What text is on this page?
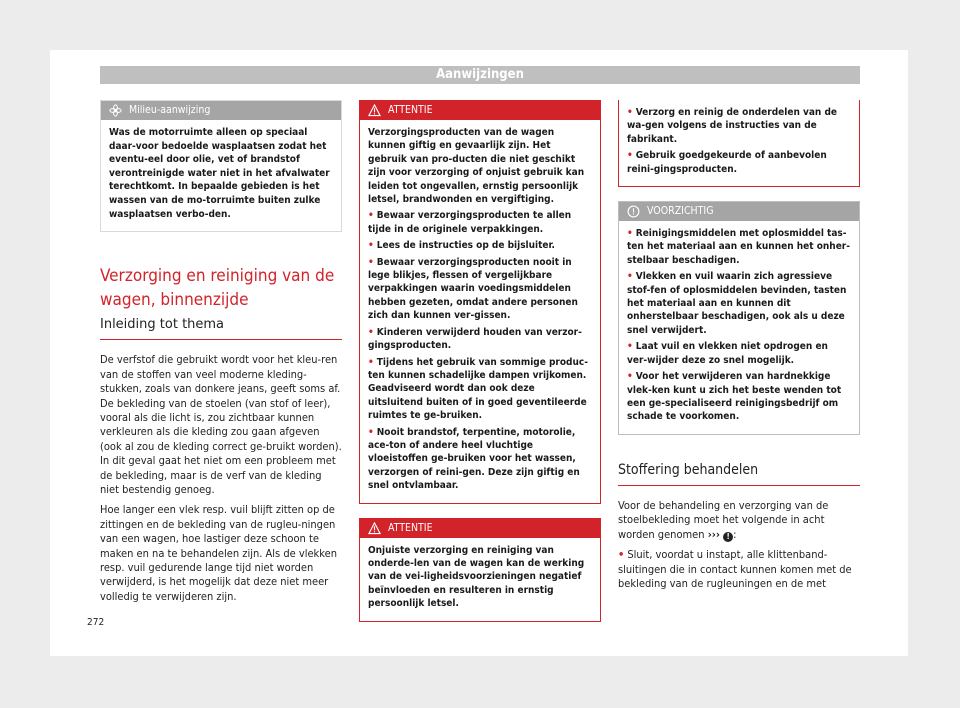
Aanwijzingen
Milieu-aanwijzing

Was de motorruimte alleen op speciaal daar-voor bedoelde wasplaatsen zodat het eventu-eel door olie, vet of brandstof verontreinigde water niet in het afvalwater terechtkomt. In bepaalde gebieden is het wassen van de mo-torruimte buiten zulke wasplaatsen verbo-den.

Verzorging en reiniging van de wagen, binnenzijde
Inleiding tot thema

De verfstof die gebruikt wordt voor het kleu-ren van de stoffen van veel moderne kleding-stukken, zoals van donkere jeans, geeft soms af. De bekleding van de stoelen (van stof of leer), vooral als die licht is, zou zichtbaar kunnen verkleuren als die kleding zou gaan afgeven (ook al zou de kleding correct ge-bruikt worden). In dit geval gaat het niet om een probleem met de bekleding, maar is de verf van de kleding niet bestendig genoeg.

Hoe langer een vlek resp. vuil blijft zitten op de zittingen en de bekleding van de rugleu-ningen van een wagen, hoe lastiger deze schoon te maken en na te behandelen zijn. Als de vlekken resp. vuil gedurende lange tijd niet worden verwijderd, is het mogelijk dat deze niet meer volledig te verwijderen zijn.

ATTENTIE

Verzorgingsproducten van de wagen kunnen giftig en gevaarlijk zijn. Het gebruik van pro-ducten die niet geschikt zijn voor verzorging of onjuist gebruik kan leiden tot ongevallen, ernstig persoonlijk letsel, brandwonden en vergiftiging.

• Bewaar verzorgingsproducten te allen tijde in de originele verpakkingen.
• Lees de instructies op de bijsluiter.
• Bewaar verzorgingsproducten nooit in lege blikjes, flessen of vergelijkbare verpakkingen waarin voedingsmiddelen hebben gezeten, omdat andere personen zich dan kunnen ver-gissen.
• Kinderen verwijderd houden van verzor-gingsproducten.
• Tijdens het gebruik van sommige produc-ten kunnen schadelijke dampen vrijkomen. Geadviseerd wordt dan ook deze uitsluitend buiten of in goed geventileerde ruimtes te ge-bruiken.
• Nooit brandstof, terpentine, motorolie, ace-ton of andere heel vluchtige vloeistoffen ge-bruiken voor het wassen, verzorgen of reini-gen. Deze zijn giftig en snel ontvlambaar.
ATTENTIE

Onjuiste verzorging en reiniging van onderde-len van de wagen kan de werking van de vei-ligheidsvoorzieningen negatief beïnvloeden en resulteren in ernstig persoonlijk letsel.

• Verzorg en reinig de onderdelen van de wa-gen volgens de instructies van de fabrikant.
• Gebruik goedgekeurde of aanbevolen reini-gingsproducten.
VOORZICHTIG
• Reinigingsmiddelen met oplosmiddel tas-ten het materiaal aan en kunnen het onher-stelbaar beschadigen.
• Vlekken en vuil waarin zich agressieve stof-fen of oplosmiddelen bevinden, tasten het materiaal aan en kunnen dit onherstelbaar beschadigen, ook als u deze snel verwijdert.
• Laat vuil en vlekken niet opdrogen en ver-wijder deze zo snel mogelijk.
• Voor het verwijderen van hardnekkige vlek-ken kunt u zich het beste wenden tot een ge-specialiseerd reinigingsbedrijf om schade te voorkomen.
Stoffering behandelen

Voor de behandeling en verzorging van de stoelbekleding moet het volgende in acht worden genomen ››› ! :

• Sluit, voordat u instapt, alle klittenband-sluitingen die in contact kunnen komen met de bekleding van de rugleuningen en de met

272
